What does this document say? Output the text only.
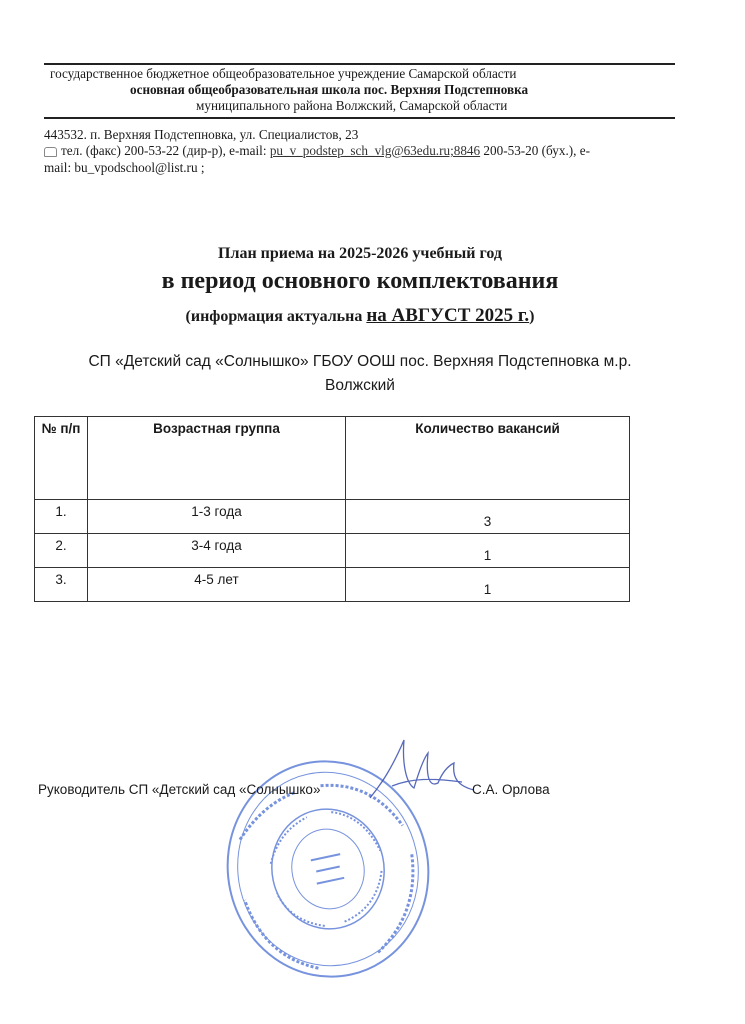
государственное бюджетное общеобразовательное учреждение Самарской области
основная общеобразовательная школа пос. Верхняя Подстепновка
муниципального района Волжский, Самарской области
443532. п. Верхняя Подстепновка, ул. Специалистов, 23
тел. (факс) 200-53-22 (дир-р), e-mail: pu_v_podstep_sch_vlg@63edu.ru;8846 200-53-20 (бух.), e-
mail: bu_vpodschool@list.ru ;
План приема на 2025-2026 учебный год
в период основного комплектования
(информация актуальна на АВГУСТ 2025 г.)
СП «Детский сад «Солнышко» ГБОУ ООШ пос. Верхняя Подстепновка м.р.
Волжский
№ п/п	Возрастная группа	Количество вакансий
1.	1-3 года	3
2.	3-4 года	1
3.	4-5 лет	1
Руководитель СП «Детский сад «Солнышко»	С.А. Орлова
